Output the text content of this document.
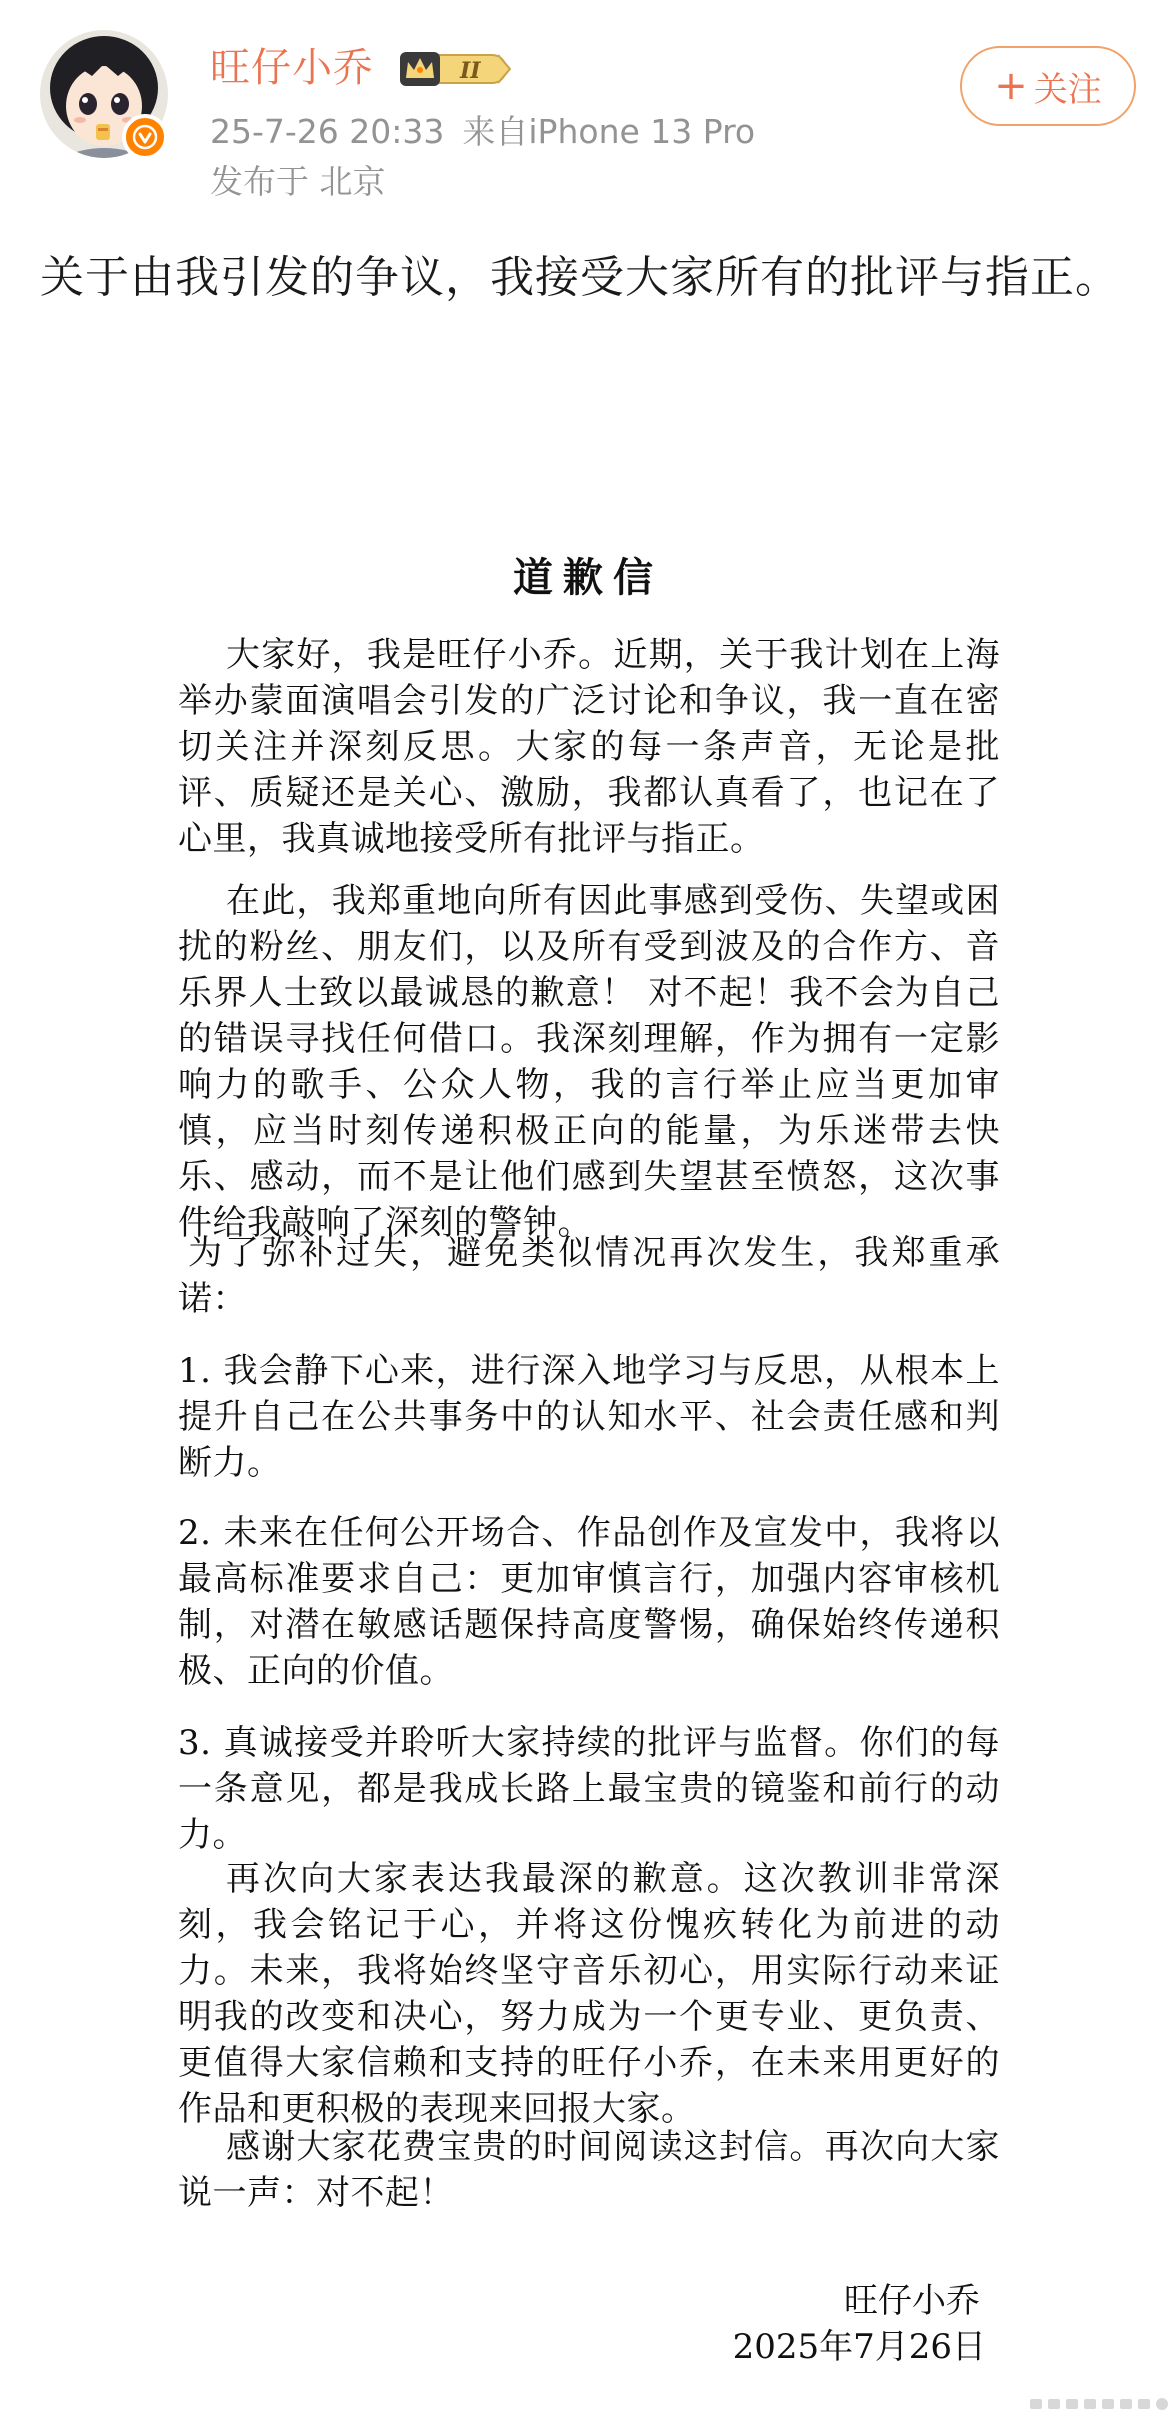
旺仔小乔	II
25-7-26 20:33 来自iPhone 13 Pro
发布于 北京
+ 关注
关于由我引发的争议，我接受大家所有的批评与指正。
道歉信
大家好，我是旺仔小乔。近期，关于我计划在上海举办蒙面演唱会引发的广泛讨论和争议，我一直在密切关注并深刻反思。大家的每一条声音，无论是批评、质疑还是关心、激励，我都认真看了，也记在了心里，我真诚地接受所有批评与指正。
在此，我郑重地向所有因此事感到受伤、失望或困扰的粉丝、朋友们，以及所有受到波及的合作方、音乐界人士致以最诚恳的歉意！ 对不起！我不会为自己的错误寻找任何借口。我深刻理解，作为拥有一定影响力的歌手、公众人物，我的言行举止应当更加审慎，应当时刻传递积极正向的能量，为乐迷带去快乐、感动，而不是让他们感到失望甚至愤怒，这次事件给我敲响了深刻的警钟。
为了弥补过失，避免类似情况再次发生，我郑重承诺：
1. 我会静下心来，进行深入地学习与反思，从根本上提升自己在公共事务中的认知水平、社会责任感和判断力。
2. 未来在任何公开场合、作品创作及宣发中，我将以最高标准要求自己：更加审慎言行，加强内容审核机制，对潜在敏感话题保持高度警惕，确保始终传递积极、正向的价值。
3. 真诚接受并聆听大家持续的批评与监督。你们的每一条意见，都是我成长路上最宝贵的镜鉴和前行的动力。
再次向大家表达我最深的歉意。这次教训非常深刻，我会铭记于心，并将这份愧疚转化为前进的动力。未来，我将始终坚守音乐初心，用实际行动来证明我的改变和决心，努力成为一个更专业、更负责、更值得大家信赖和支持的旺仔小乔，在未来用更好的作品和更积极的表现来回报大家。
感谢大家花费宝贵的时间阅读这封信。再次向大家说一声：对不起！
旺仔小乔
2025年7月26日
